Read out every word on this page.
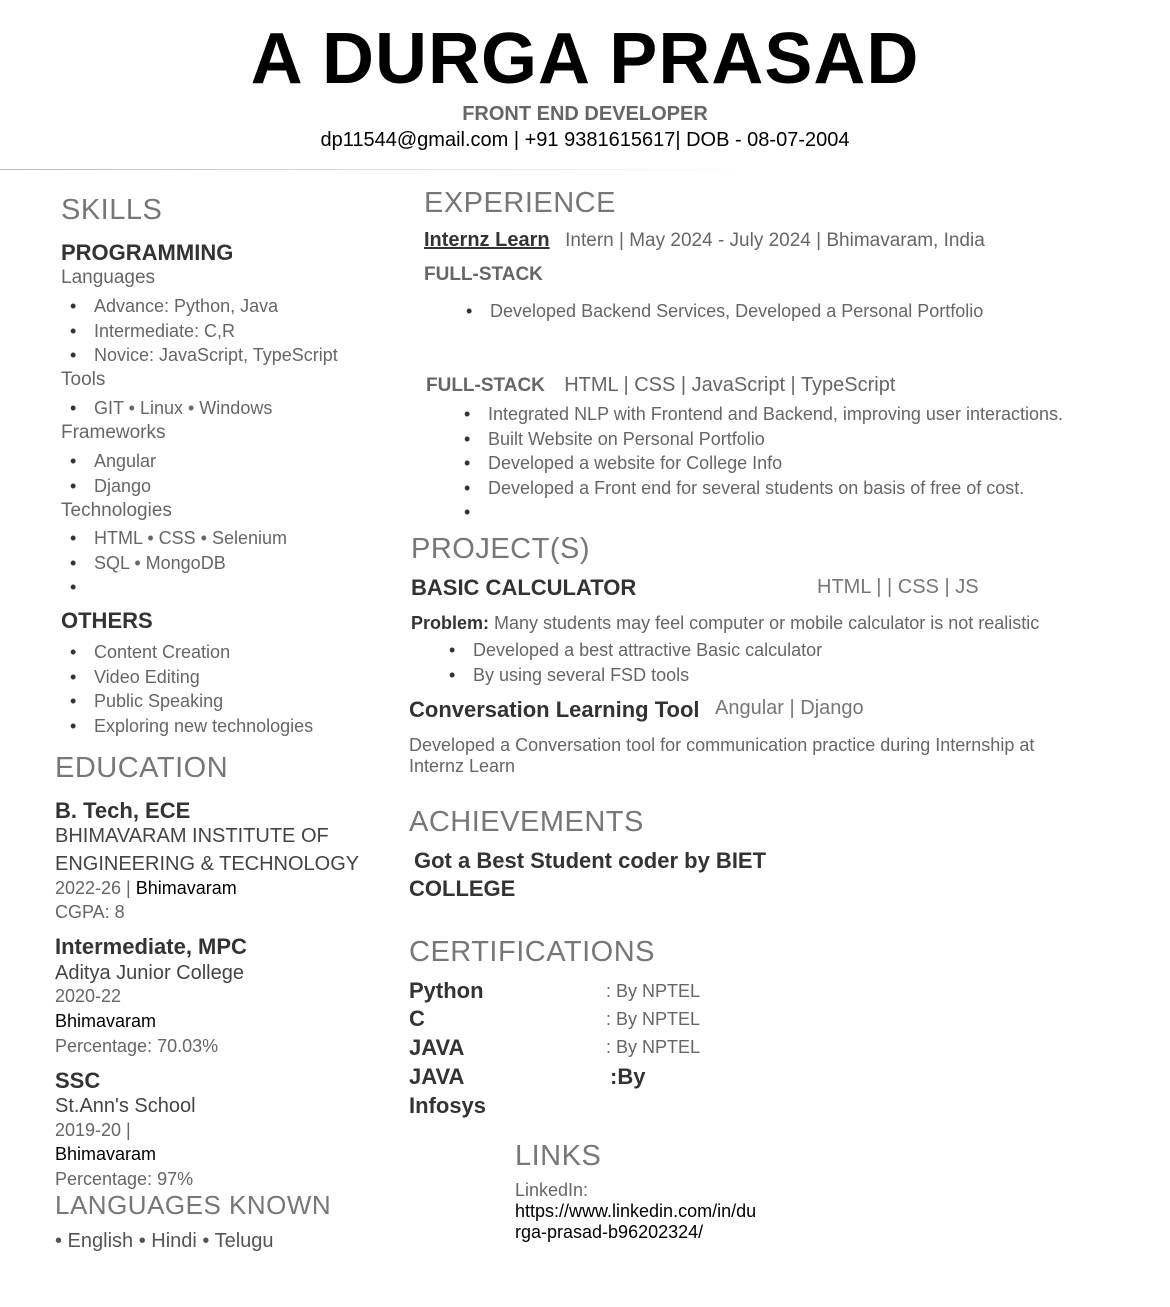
A DURGA PRASAD
FRONT END DEVELOPER
dp11544@gmail.com | +91 9381615617| DOB - 08-07-2004
SKILLS
PROGRAMMING
Languages
• Advance: Python, Java
• Intermediate: C,R
• Novice: JavaScript, TypeScript
Tools
• GIT • Linux • Windows
Frameworks
• Angular
• Django
Technologies
• HTML • CSS • Selenium
• SQL • MongoDB
•
OTHERS
• Content Creation
• Video Editing
• Public Speaking
• Exploring new technologies
EDUCATION
B. Tech, ECE
BHIMAVARAM INSTITUTE OF
ENGINEERING & TECHNOLOGY
2022-26 | Bhimavaram
CGPA: 8
Intermediate, MPC
Aditya Junior College
2020-22
Bhimavaram
Percentage: 70.03%
SSC
St.Ann's School
2019-20 |
Bhimavaram
Percentage: 97%
LANGUAGES KNOWN
• English • Hindi • Telugu
EXPERIENCE
Internz Learn Intern | May 2024 - July 2024 | Bhimavaram, India
FULL-STACK
• Developed Backend Services, Developed a Personal Portfolio
FULL-STACK HTML | CSS | JavaScript | TypeScript
• Integrated NLP with Frontend and Backend, improving user interactions.
• Built Website on Personal Portfolio
• Developed a website for College Info
• Developed a Front end for several students on basis of free of cost.
•
PROJECT(S)
BASIC CALCULATOR	HTML | | CSS | JS
Problem: Many students may feel computer or mobile calculator is not realistic
• Developed a best attractive Basic calculator
• By using several FSD tools
Conversation Learning Tool Angular | Django
Developed a Conversation tool for communication practice during Internship at
Internz Learn
ACHIEVEMENTS
Got a Best Student coder by BIET
COLLEGE
CERTIFICATIONS
Python	: By NPTEL
C	: By NPTEL
JAVA	: By NPTEL
JAVA	:By
Infosys
LINKS
LinkedIn:
https://www.linkedin.com/in/du
rga-prasad-b96202324/
